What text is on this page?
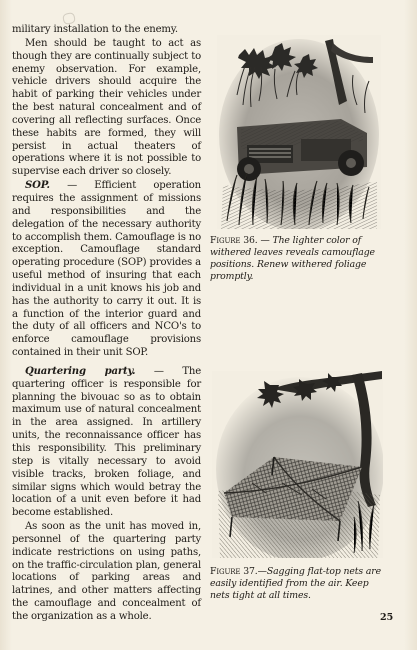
military installation to the enemy.

Men should be taught to act as though they are continually subject to enemy observation. For example, vehicle drivers should acquire the habit of parking their vehicles under the best natural concealment and of covering all reflecting surfaces. Once these habits are formed, they will persist in actual theaters of operations where it is not possible to supervise each driver so closely.

SOP. — Efficient operation requires the assignment of missions and responsibilities and the delegation of the necessary authority to accomplish them. Camouflage is no exception. Camouflage standard operating procedure (SOP) provides a useful method of insuring that each individual in a unit knows his job and has the authority to carry it out. It is a function of the interior guard and the duty of all officers and NCO's to enforce camouflage provisions contained in their unit SOP.

Quartering party. — The quartering officer is responsible for planning the bivouac so as to obtain maximum use of natural concealment in the area assigned. In artillery units, the reconnaissance officer has this responsibility. This preliminary step is vitally necessary to avoid visible tracks, broken foliage, and similar signs which would betray the location of a unit even before it had become established.

As soon as the unit has moved in, personnel of the quartering party indicate restrictions on using paths, on the traffic-circulation plan, general locations of parking areas and latrines, and other matters affecting the camouflage and concealment of the organization as a whole.

Figure 36. — The lighter color of withered leaves reveals camouflage positions. Renew withered foliage promptly.
Figure 37.—Sagging flat-top nets are easily identified from the air. Keep nets tight at all times.
25
